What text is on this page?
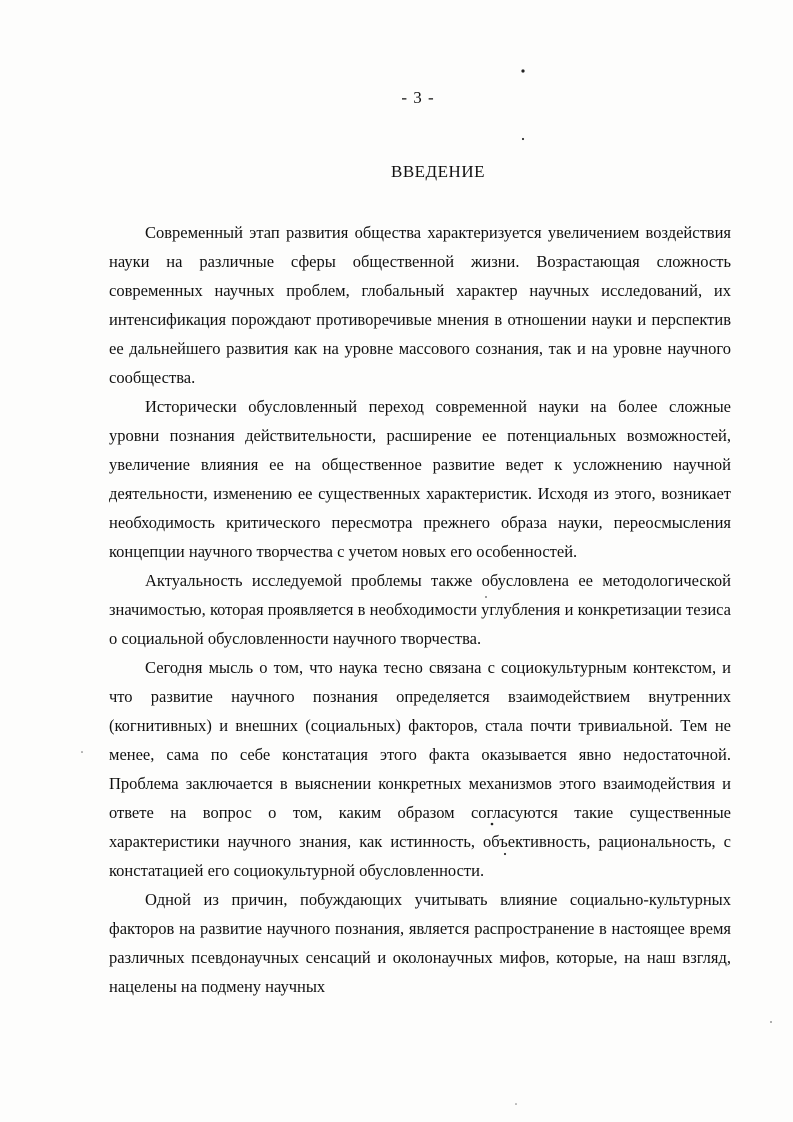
- 3 -
ВВЕДЕНИЕ

Современный этап развития общества характеризуется увеличением воздействия науки на различные сферы общественной жизни. Возрастающая сложность современных научных проблем, глобальный характер научных исследований, их интенсификация порождают противоречивые мнения в отношении науки и перспектив ее дальнейшего развития как на уровне массового сознания, так и на уровне научного сообщества.

Исторически обусловленный переход современной науки на более сложные уровни познания действительности, расширение ее потенциальных возможностей, увеличение влияния ее на общественное развитие ведет к усложнению научной деятельности, изменению ее существенных характеристик. Исходя из этого, возникает необходимость критического пересмотра прежнего образа науки, переосмысления концепции научного творчества с учетом новых его особенностей.

Актуальность исследуемой проблемы также обусловлена ее методологической значимостью, которая проявляется в необходимости углубления и конкретизации тезиса о социальной обусловленности научного творчества.

Сегодня мысль о том, что наука тесно связана с социокультурным контекстом, и что развитие научного познания определяется взаимодействием внутренних (когнитивных) и внешних (социальных) факторов, стала почти тривиальной. Тем не менее, сама по себе констатация этого факта оказывается явно недостаточной. Проблема заключается в выяснении конкретных механизмов этого взаимодействия и ответе на вопрос о том, каким образом согласуются такие существенные характеристики научного знания, как истинность, объективность, рациональность, с констатацией его социокультурной обусловленности.

Одной из причин, побуждающих учитывать влияние социально-культурных факторов на развитие научного познания, является распространение в настоящее время различных псевдонаучных сенсаций и околонаучных мифов, которые, на наш взгляд, нацелены на подмену научных
